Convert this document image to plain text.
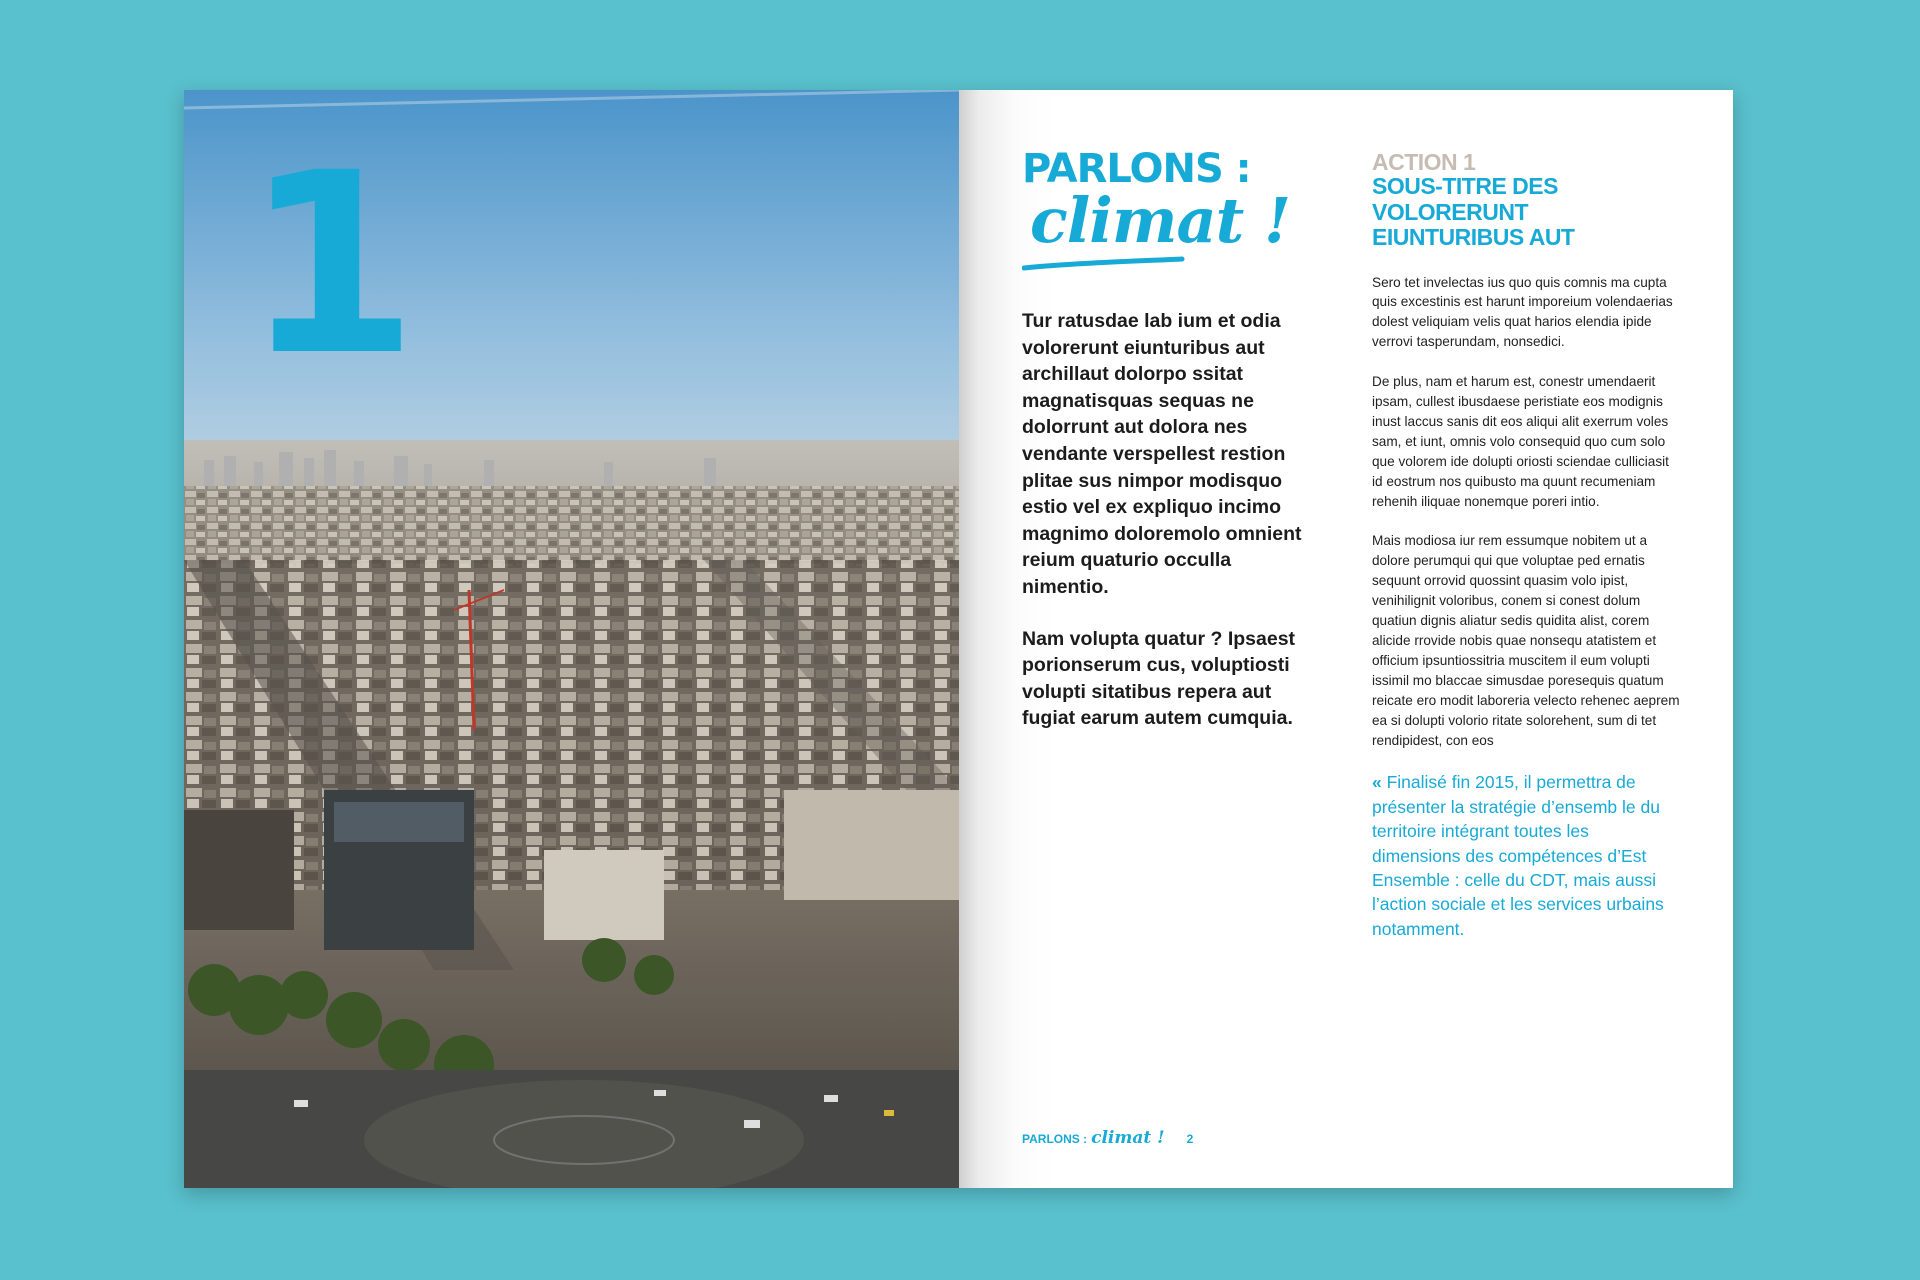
1	PARLONS :
climat !

Tur ratusdae lab ium et odia volorerunt eiunturibus aut archillaut dolorpo ssitat magnatisquas sequas ne dolorrunt aut dolora nes vendante verspellest restion plitae sus nimpor modisquo estio vel ex expliquo incimo magnimo doloremolo omnient reium quaturio occulla nimentio.

Nam volupta quatur ? Ipsaest porionserum cus, voluptiosti volupti sitatibus repera aut fugiat earum autem cumquia.

ACTION 1
SOUS-TITRE DES VOLORERUNT EIUNTURIBUS AUT

Sero tet invelectas ius quo quis comnis ma cupta quis excestinis est harunt imporeium volendaerias dolest veliquiam velis quat harios elendia ipide verrovi tasperundam, nonsedici.

De plus, nam et harum est, conestr umendaerit ipsam, cullest ibusdaese peristiate eos modignis inust laccus sanis dit eos aliqui alit exerrum voles sam, et iunt, omnis volo consequid quo cum solo que volorem ide dolupti oriosti sciendae culliciasit id eostrum nos quibusto ma quunt recumeniam rehenih iliquae nonemque poreri intio.

Mais modiosa iur rem essumque nobitem ut a dolore perumqui qui que voluptae ped ernatis sequunt orrovid quossint quasim volo ipist, venihilignit voloribus, conem si conest dolum quatiun dignis aliatur sedis quidita alist, corem alicide rrovide nobis quae nonsequ atatistem et officium ipsuntiossitria muscitem il eum volupti issimil mo blaccae simusdae poresequis quatum reicate ero modit laboreria velecto rehenec aeprem ea si dolupti volorio ritate solorehent, sum di tet rendipidest, con eos

« Finalisé fin 2015, il permettra de présenter la stratégie d’ensemb le du territoire intégrant toutes les dimensions des compétences d’Est Ensemble : celle du CDT, mais aussi l’action sociale et les services urbains notamment.
PARLONS : climat ! 2
